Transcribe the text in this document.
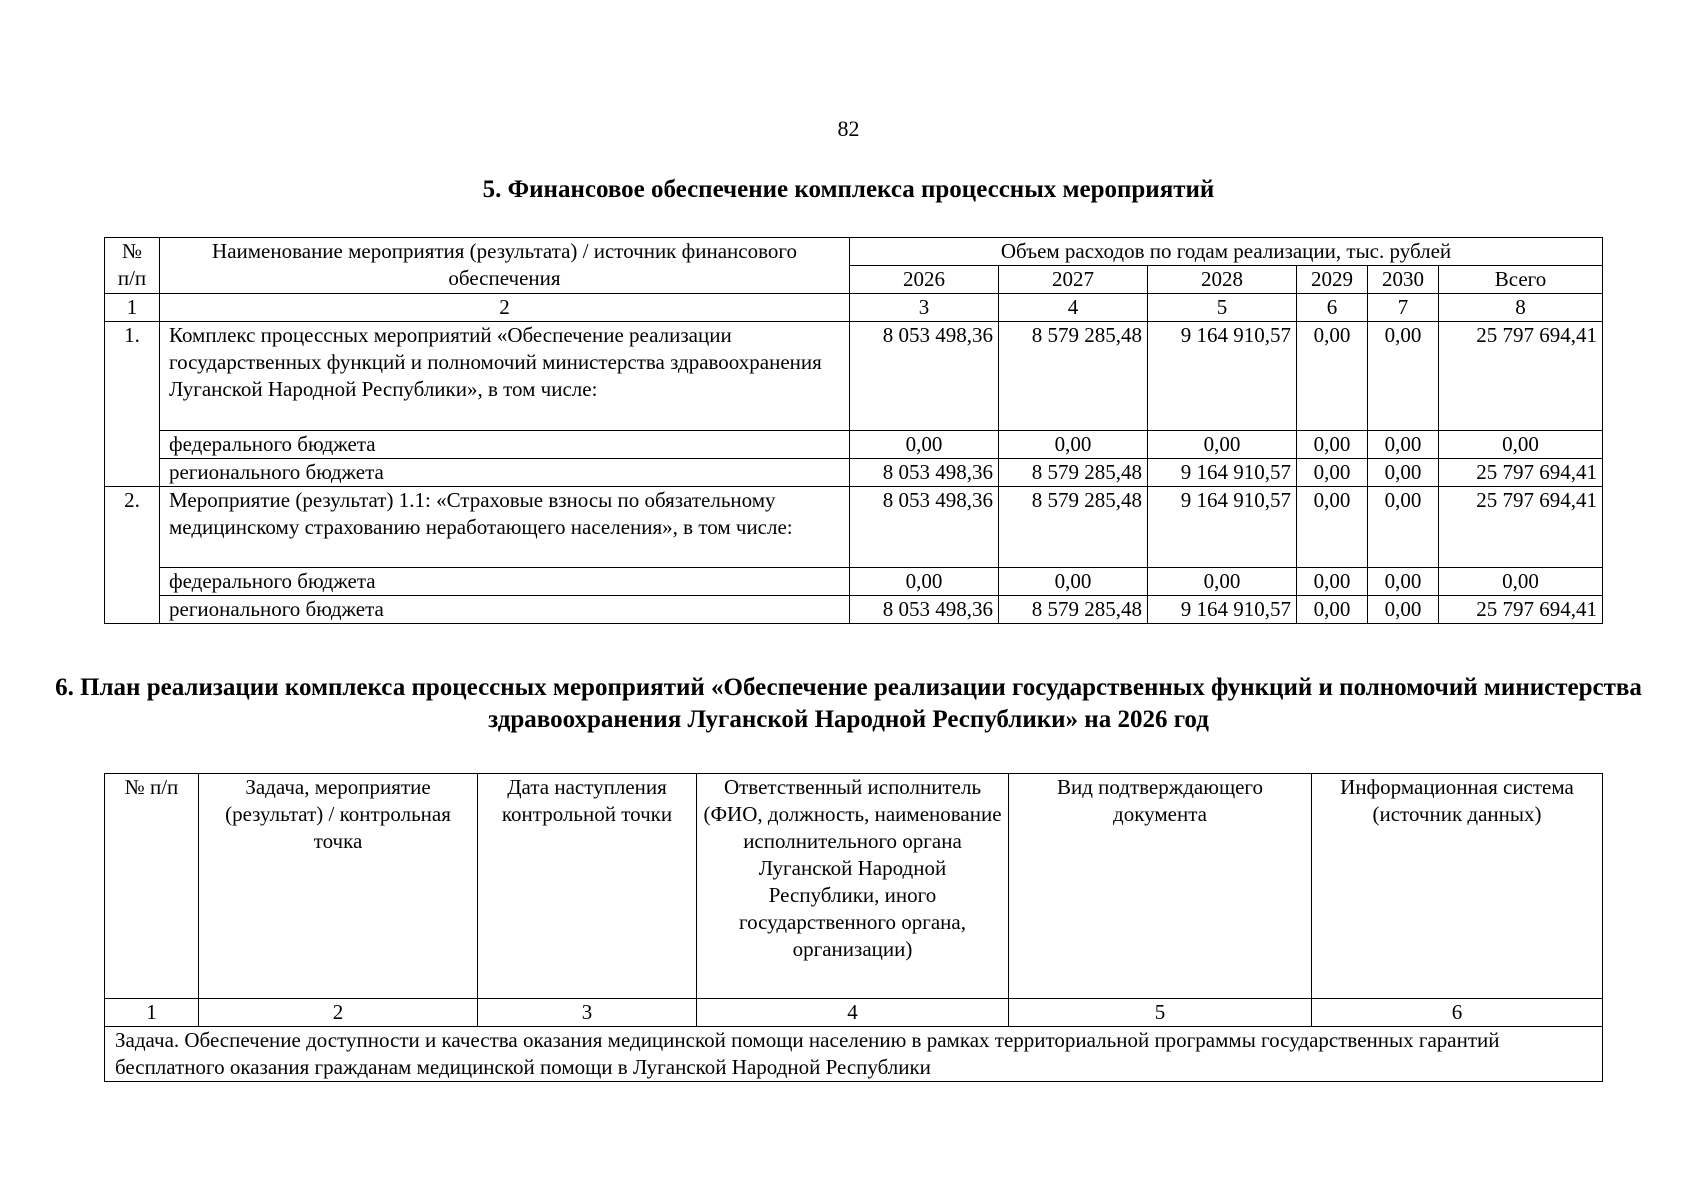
82
5. Финансовое обеспечение комплекса процессных мероприятий
№ п/п	Наименование мероприятия (результата) / источник финансового обеспечения	Объем расходов по годам реализации, тыс. рублей					
		2026	2027	2028	2029	2030	Всего
1	2	3	4	5	6	7	8
1.	Комплекс процессных мероприятий «Обеспечение реализации государственных функций и полномочий министерства здравоохранения Луганской Народной Республики», в том числе:	8 053 498,36	8 579 285,48	9 164 910,57	0,00	0,00	25 797 694,41
	федерального бюджета	0,00	0,00	0,00	0,00	0,00	0,00
	регионального бюджета	8 053 498,36	8 579 285,48	9 164 910,57	0,00	0,00	25 797 694,41
2.	Мероприятие (результат) 1.1: «Страховые взносы по обязательному медицинскому страхованию неработающего населения», в том числе:	8 053 498,36	8 579 285,48	9 164 910,57	0,00	0,00	25 797 694,41
	федерального бюджета	0,00	0,00	0,00	0,00	0,00	0,00
	регионального бюджета	8 053 498,36	8 579 285,48	9 164 910,57	0,00	0,00	25 797 694,41
6. План реализации комплекса процессных мероприятий «Обеспечение реализации государственных функций и полномочий министерства здравоохранения Луганской Народной Республики» на 2026 год
№ п/п	Задача, мероприятие (результат) / контрольная точка	Дата наступления контрольной точки	Ответственный исполнитель (ФИО, должность, наименование исполнительного органа Луганской Народной Республики, иного государственного органа, организации)	Вид подтверждающего документа	Информационная система (источник данных)
1	2	3	4	5	6
Задача. Обеспечение доступности и качества оказания медицинской помощи населению в рамках территориальной программы государственных гарантий бесплатного оказания гражданам медицинской помощи в Луганской Народной Республики					
